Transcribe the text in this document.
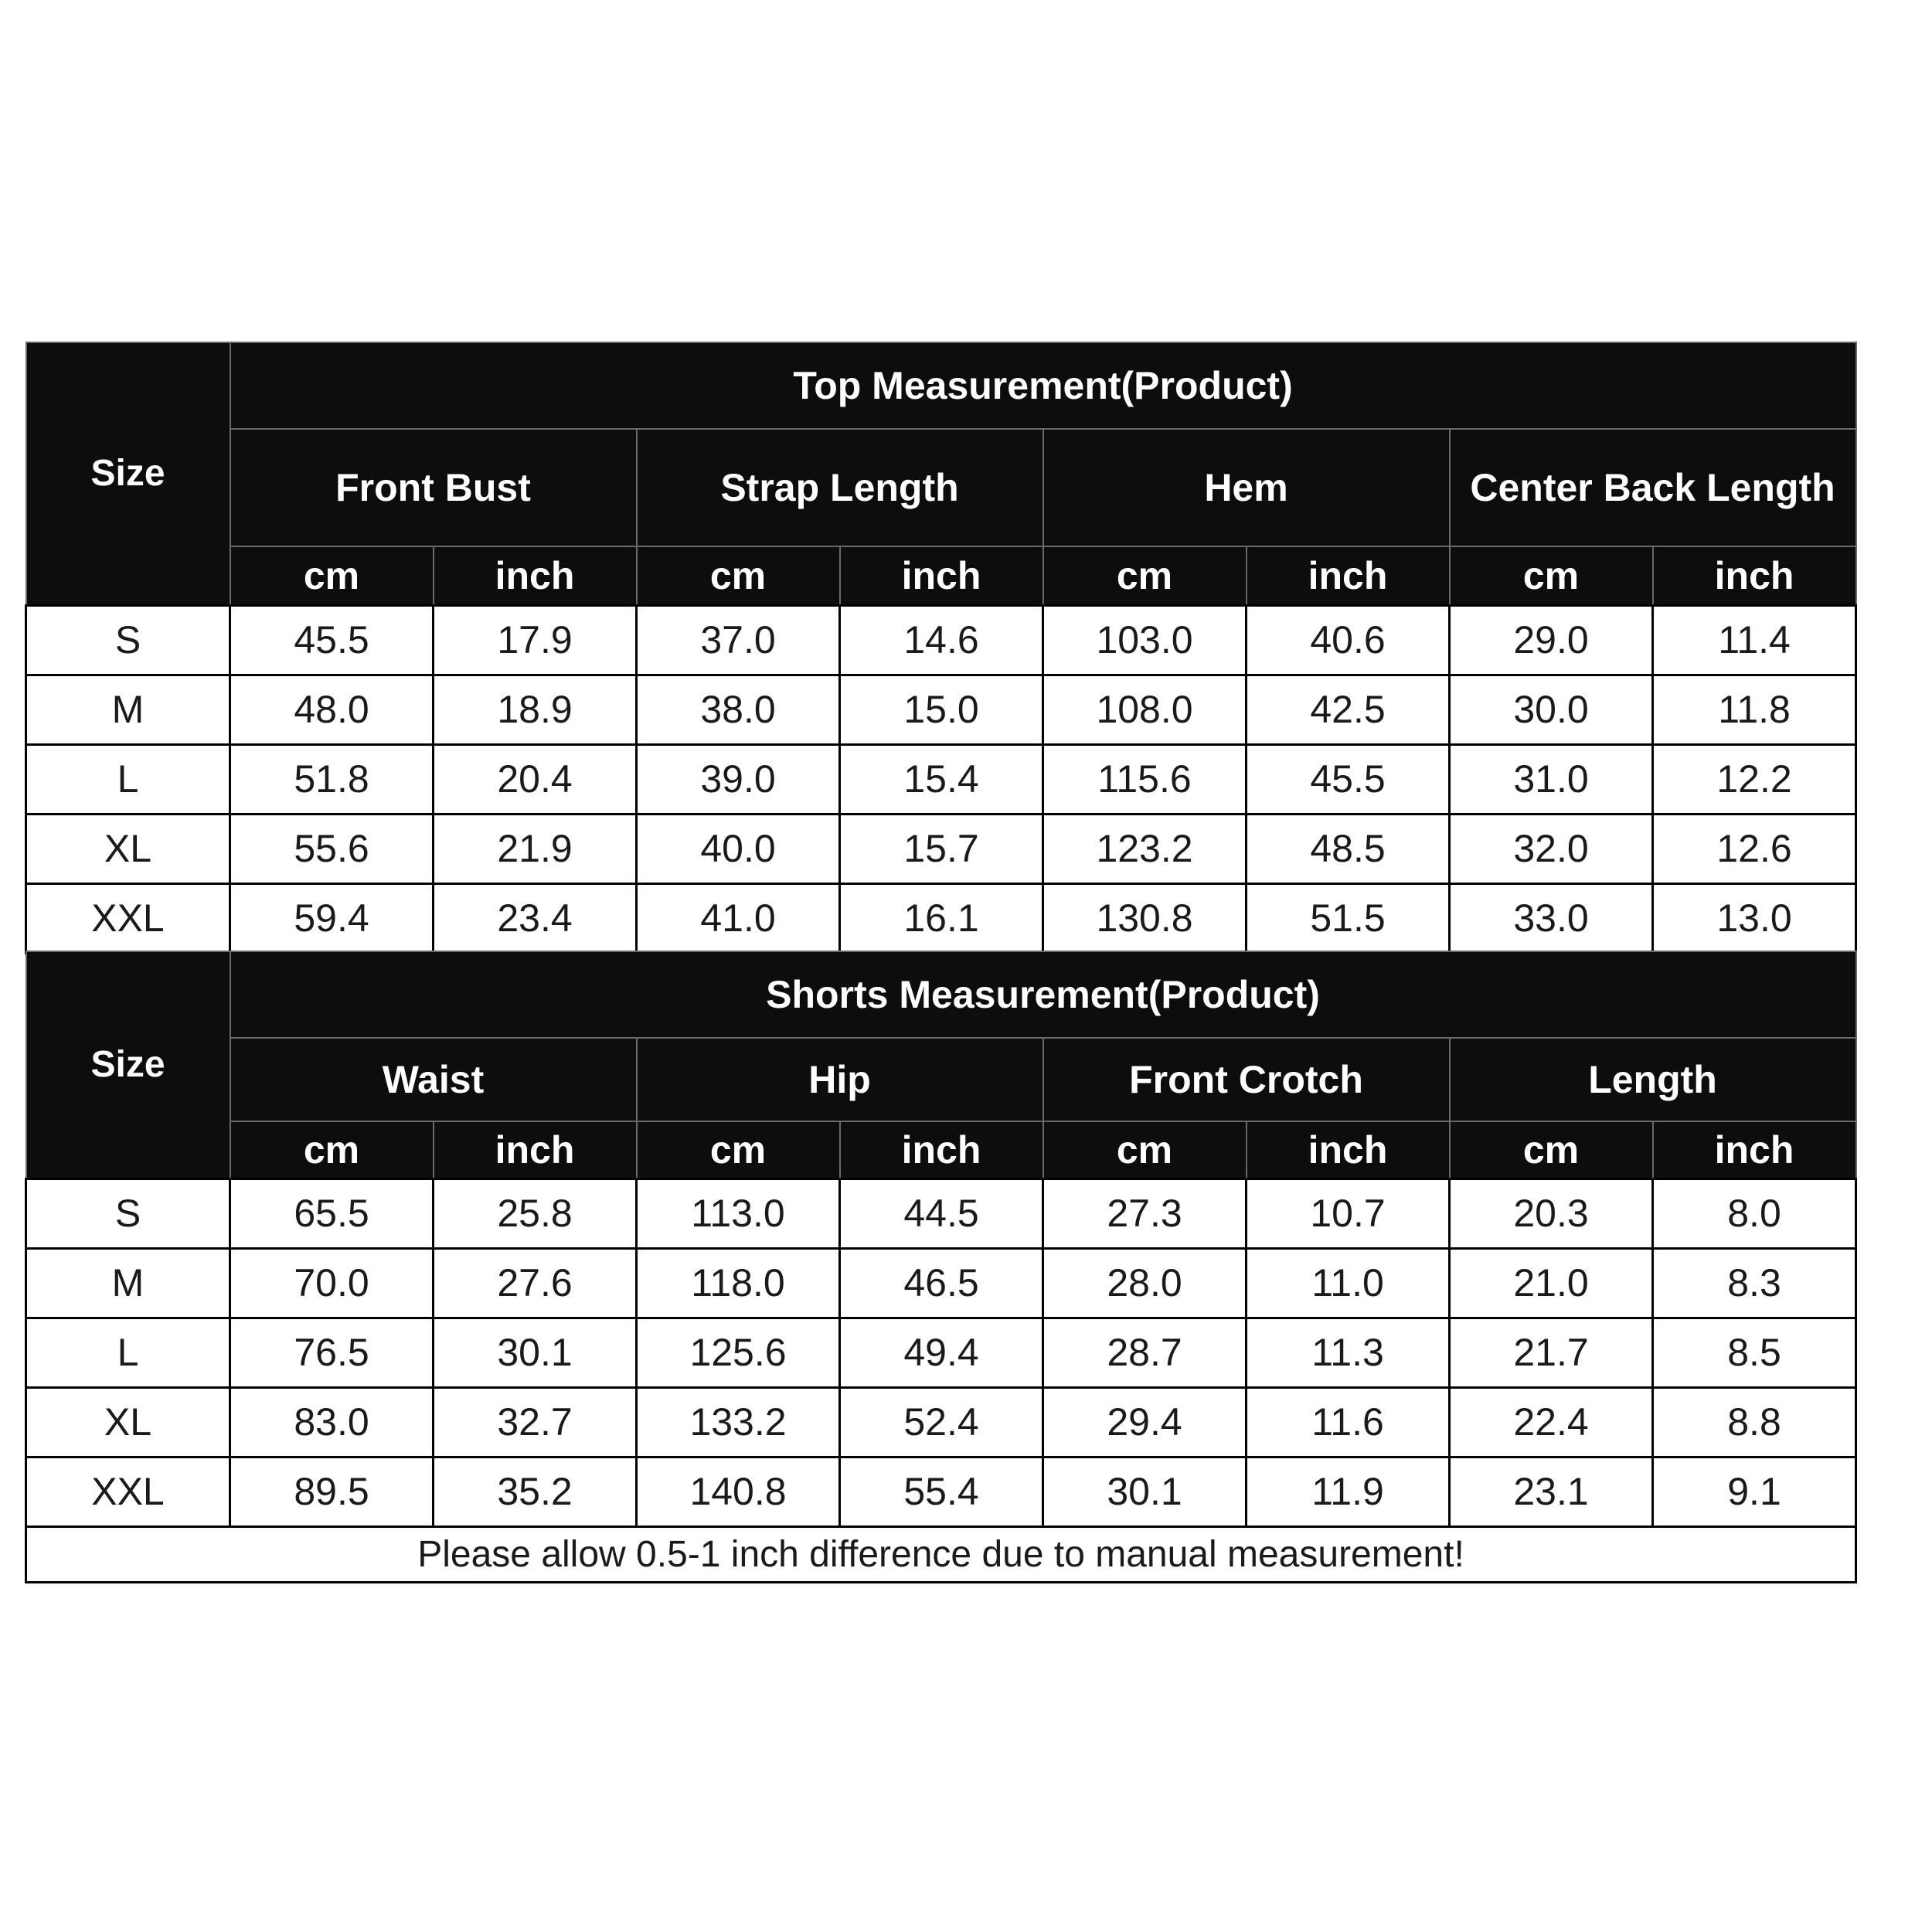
Size	Top Measurement(Product)							
	Front Bust		Strap Length		Hem		Center Back Length	
	cm	inch	cm	inch	cm	inch	cm	inch
S	45.5	17.9	37.0	14.6	103.0	40.6	29.0	11.4
M	48.0	18.9	38.0	15.0	108.0	42.5	30.0	11.8
L	51.8	20.4	39.0	15.4	115.6	45.5	31.0	12.2
XL	55.6	21.9	40.0	15.7	123.2	48.5	32.0	12.6
XXL	59.4	23.4	41.0	16.1	130.8	51.5	33.0	13.0
Size	Shorts Measurement(Product)							
	Waist		Hip		Front Crotch		Length	
	cm	inch	cm	inch	cm	inch	cm	inch
S	65.5	25.8	113.0	44.5	27.3	10.7	20.3	8.0
M	70.0	27.6	118.0	46.5	28.0	11.0	21.0	8.3
L	76.5	30.1	125.6	49.4	28.7	11.3	21.7	8.5
XL	83.0	32.7	133.2	52.4	29.4	11.6	22.4	8.8
XXL	89.5	35.2	140.8	55.4	30.1	11.9	23.1	9.1
Please allow 0.5-1 inch difference due to manual measurement!								
